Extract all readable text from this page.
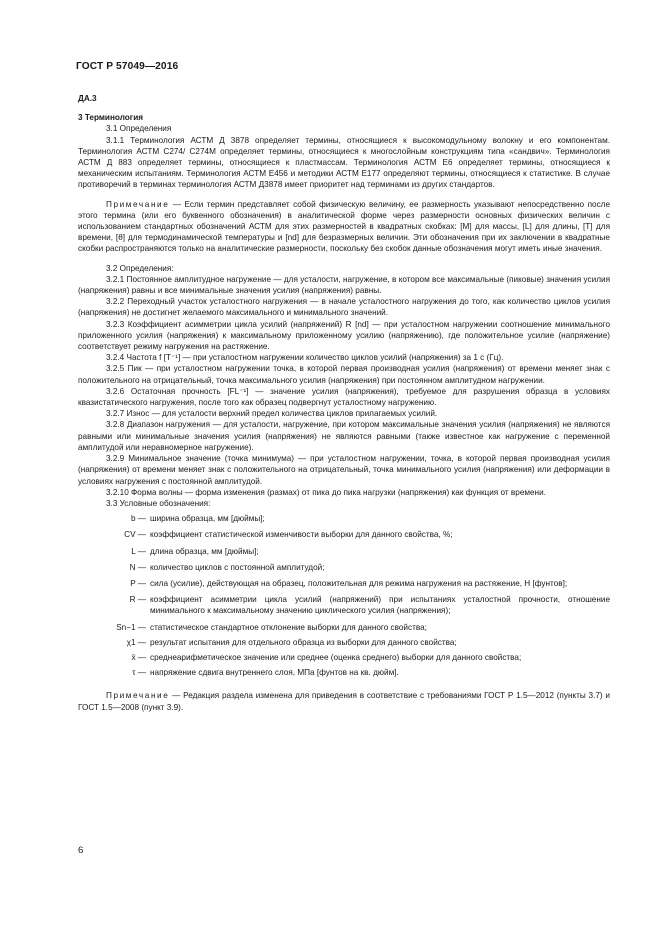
ГОСТ Р 57049—2016

ДА.3

3 Терминология

3.1 Определения

3.1.1 Терминология АСТМ Д 3878 определяет термины, относящиеся к высокомодульному волокну и его компонентам. Терминология АСТМ С274/ С274М определяет термины, относящиеся к многослойным конструкциям типа «сандвич». Терминология АСТМ Д 883 определяет термины, относящиеся к пластмассам. Терминология АСТМ Е6 определяет термины, относящиеся к механическим испытаниям. Терминология АСТМ Е456 и методики АСТМ Е177 определяют термины, относящиеся к статистике. В случае противоречий в терминах терминология АСТМ Д3878 имеет приоритет над терминами из других стандартов.

Примечание — Если термин представляет собой физическую величину, ее размерность указывают непосредственно после этого термина (или его буквенного обозначения) в аналитической форме через размерности основных физических величин с использованием стандартных обозначений АСТМ для этих размерностей в квадратных скобках: [M] для массы, [L] для длины, [T] для времени, [θ] для термодинамической температуры и [nd] для безразмерных величин. Эти обозначения при их заключении в квадратные скобки распространяются только на аналитические размерности, поскольку без скобок данные обозначения могут иметь иные значения.

3.2 Определения:

3.2.1 Постоянное амплитудное нагружение — для усталости, нагружение, в котором все максимальные (пиковые) значения усилия (напряжения) равны и все минимальные значения усилия (напряжения) равны.

3.2.2 Переходный участок усталостного нагружения — в начале усталостного нагружения до того, как количество циклов усилия (напряжения) не достигнет желаемого максимального и минимального значений.

3.2.3 Коэффициент асимметрии цикла усилий (напряжений) R [nd] — при усталостном нагружении соотношение минимального приложенного усилия (напряжения) к максимальному приложенному усилию (напряжению), где положительное усилие (напряжение) соответствует режиму нагружения на растяжение.

3.2.4 Частота f [T⁻¹] — при усталостном нагружении количество циклов усилий (напряжения) за 1 с (Гц).

3.2.5 Пик — при усталостном нагружении точка, в которой первая производная усилия (напряжения) от времени меняет знак с положительного на отрицательный, точка максимального усилия (напряжения) при постоянном амплитудном нагружении.

3.2.6 Остаточная прочность [FL⁻¹] — значение усилия (напряжения), требуемое для разрушения образца в условиях квазистатического нагружения, после того как образец подвергнут усталостному нагружению.

3.2.7 Износ — для усталости верхний предел количества циклов прилагаемых усилий.

3.2.8 Диапазон нагружения — для усталости, нагружение, при котором максимальные значения усилия (напряжения) не являются равными или минимальные значения усилия (напряжения) не являются равными (также известное как нагружение с переменной амплитудой или неравномерное нагружение).

3.2.9 Минимальное значение (точка минимума) — при усталостном нагружении, точка, в которой первая производная усилия (напряжения) от времени меняет знак с положительного на отрицательный, точка минимального усилия (напряжения) или деформации в условиях нагружения с постоянной амплитудой.

3.2.10 Форма волны — форма изменения (размах) от пика до пика нагрузки (напряжения) как функция от времени.

3.3 Условные обозначения:

b — ширина образца, мм [дюймы];
CV — коэффициент статистической изменчивости выборки для данного свойства, %;
L — длина образца, мм [дюймы];
N — количество циклов с постоянной амплитудой;
P — сила (усилие), действующая на образец, положительная для режима нагружения на растяжение, Н [фунтов];
R — коэффициент асимметрии цикла усилий (напряжений) при испытаниях усталостной прочности, отношение минимального к максимальному значению циклического усилия (напряжения);
Sn−1 — статистическое стандартное отклонение выборки для данного свойства;
χ1 — результат испытания для отдельного образца из выборки для данного свойства;
x̄ — среднеарифметическое значение или среднее (оценка среднего) выборки для данного свойства;
τ — напряжение сдвига внутреннего слоя, МПа [фунтов на кв. дюйм].

Примечание — Редакция раздела изменена для приведения в соответствие с требованиями ГОСТ Р 1.5—2012 (пункты 3.7) и ГОСТ 1.5—2008 (пункт 3.9).

6
